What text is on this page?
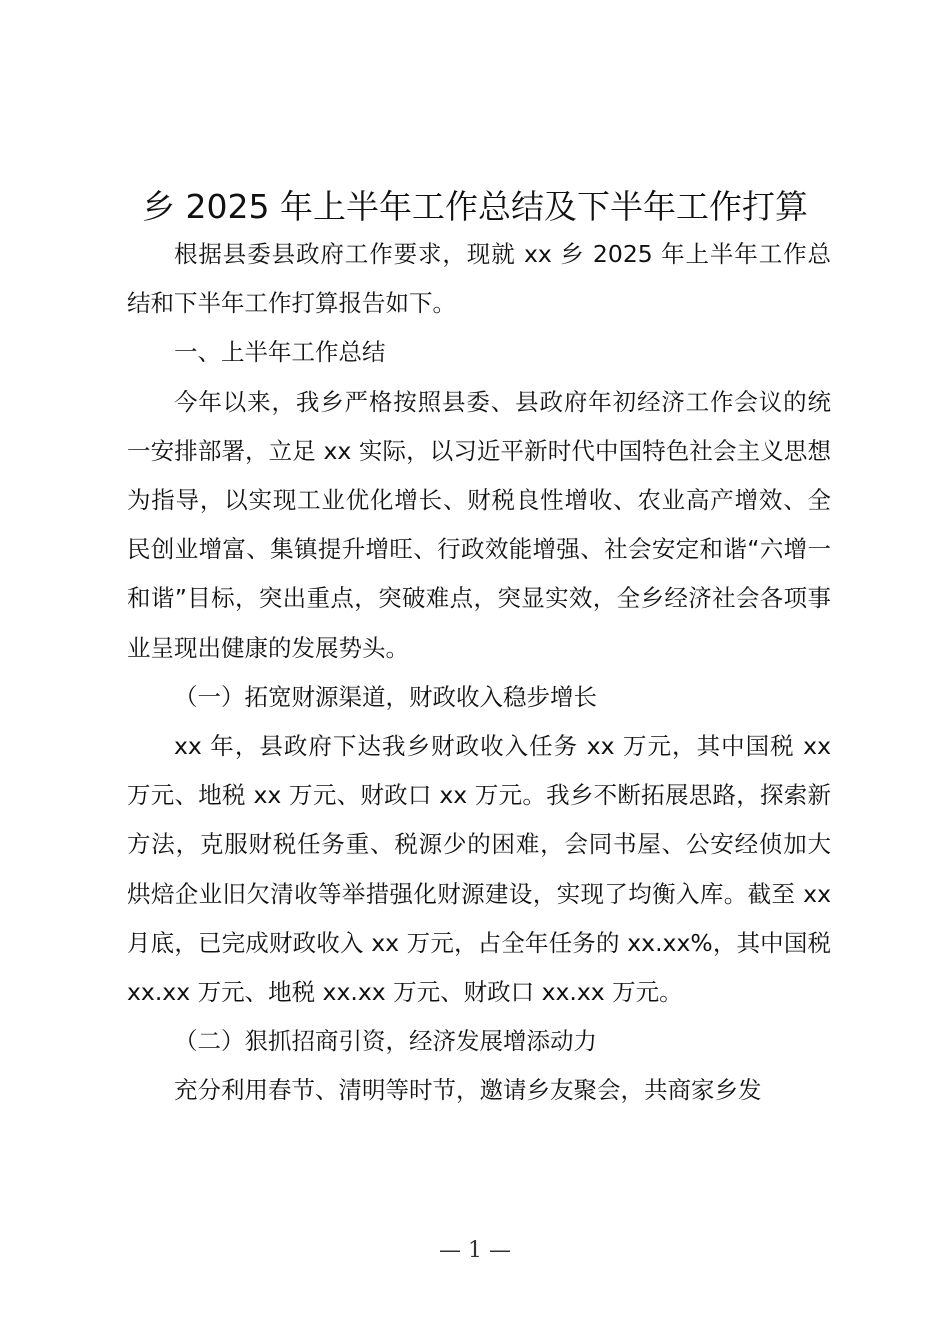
乡 2025 年上半年工作总结及下半年工作打算

根据县委县政府工作要求，现就 xx 乡 2025 年上半年工作总结和下半年工作打算报告如下。

一、上半年工作总结

今年以来，我乡严格按照县委、县政府年初经济工作会议的统一安排部署，立足 xx 实际，以习近平新时代中国特色社会主义思想为指导，以实现工业优化增长、财税良性增收、农业高产增效、全民创业增富、集镇提升增旺、行政效能增强、社会安定和谐“六增一和谐”目标，突出重点，突破难点，突显实效，全乡经济社会各项事业呈现出健康的发展势头。

（一）拓宽财源渠道，财政收入稳步增长

xx 年，县政府下达我乡财政收入任务 xx 万元，其中国税 xx 万元、地税 xx 万元、财政口 xx 万元。我乡不断拓展思路，探索新方法，克服财税任务重、税源少的困难，会同书屋、公安经侦加大烘焙企业旧欠清收等举措强化财源建设，实现了均衡入库。截至 xx 月底，已完成财政收入 xx 万元，占全年任务的 xx.xx%，其中国税 xx.xx 万元、地税 xx.xx 万元、财政口 xx.xx 万元。

（二）狠抓招商引资，经济发展增添动力

充分利用春节、清明等时节，邀请乡友聚会，共商家乡发

— 1 —
